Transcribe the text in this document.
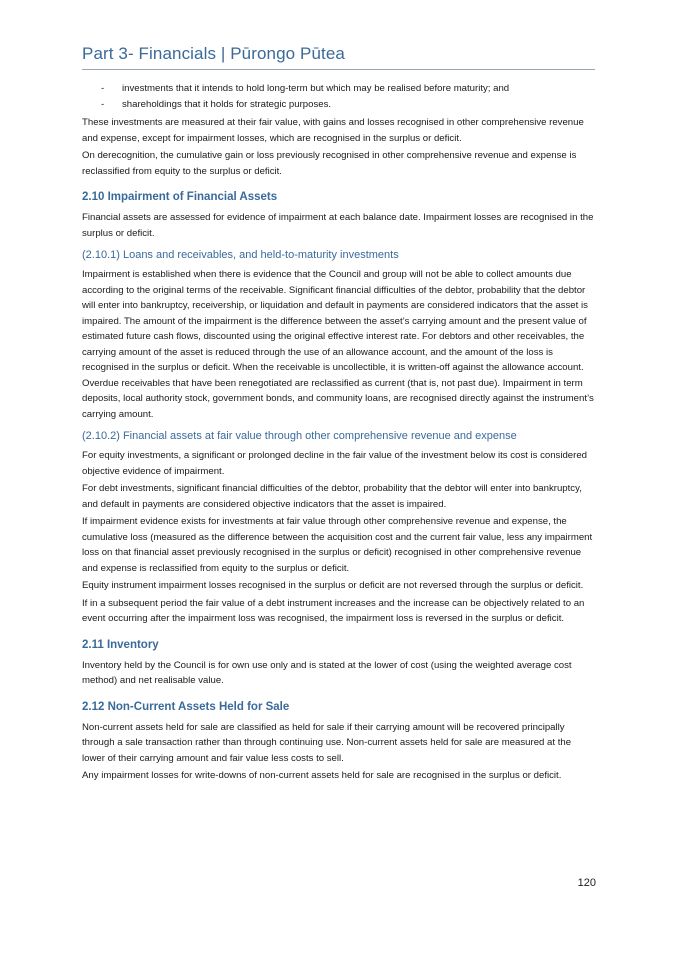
Part 3- Financials | Pūrongo Pūtea
- investments that it intends to hold long-term but which may be realised before maturity; and
- shareholdings that it holds for strategic purposes.

These investments are measured at their fair value, with gains and losses recognised in other comprehensive revenue and expense, except for impairment losses, which are recognised in the surplus or deficit.

On derecognition, the cumulative gain or loss previously recognised in other comprehensive revenue and expense is reclassified from equity to the surplus or deficit.

2.10 Impairment of Financial Assets

Financial assets are assessed for evidence of impairment at each balance date. Impairment losses are recognised in the surplus or deficit.

(2.10.1) Loans and receivables, and held-to-maturity investments

Impairment is established when there is evidence that the Council and group will not be able to collect amounts due according to the original terms of the receivable. Significant financial difficulties of the debtor, probability that the debtor will enter into bankruptcy, receivership, or liquidation and default in payments are considered indicators that the asset is impaired. The amount of the impairment is the difference between the asset’s carrying amount and the present value of estimated future cash flows, discounted using the original effective interest rate. For debtors and other receivables, the carrying amount of the asset is reduced through the use of an allowance account, and the amount of the loss is recognised in the surplus or deficit. When the receivable is uncollectible, it is written-off against the allowance account. Overdue receivables that have been renegotiated are reclassified as current (that is, not past due). Impairment in term deposits, local authority stock, government bonds, and community loans, are recognised directly against the instrument’s carrying amount.

(2.10.2) Financial assets at fair value through other comprehensive revenue and expense

For equity investments, a significant or prolonged decline in the fair value of the investment below its cost is considered objective evidence of impairment.

For debt investments, significant financial difficulties of the debtor, probability that the debtor will enter into bankruptcy, and default in payments are considered objective indicators that the asset is impaired.

If impairment evidence exists for investments at fair value through other comprehensive revenue and expense, the cumulative loss (measured as the difference between the acquisition cost and the current fair value, less any impairment loss on that financial asset previously recognised in the surplus or deficit) recognised in other comprehensive revenue and expense is reclassified from equity to the surplus or deficit.

Equity instrument impairment losses recognised in the surplus or deficit are not reversed through the surplus or deficit.

If in a subsequent period the fair value of a debt instrument increases and the increase can be objectively related to an event occurring after the impairment loss was recognised, the impairment loss is reversed in the surplus or deficit.

2.11 Inventory

Inventory held by the Council is for own use only and is stated at the lower of cost (using the weighted average cost method) and net realisable value.

2.12 Non-Current Assets Held for Sale

Non-current assets held for sale are classified as held for sale if their carrying amount will be recovered principally through a sale transaction rather than through continuing use. Non-current assets held for sale are measured at the lower of their carrying amount and fair value less costs to sell.

Any impairment losses for write-downs of non-current assets held for sale are recognised in the surplus or deficit.

120
